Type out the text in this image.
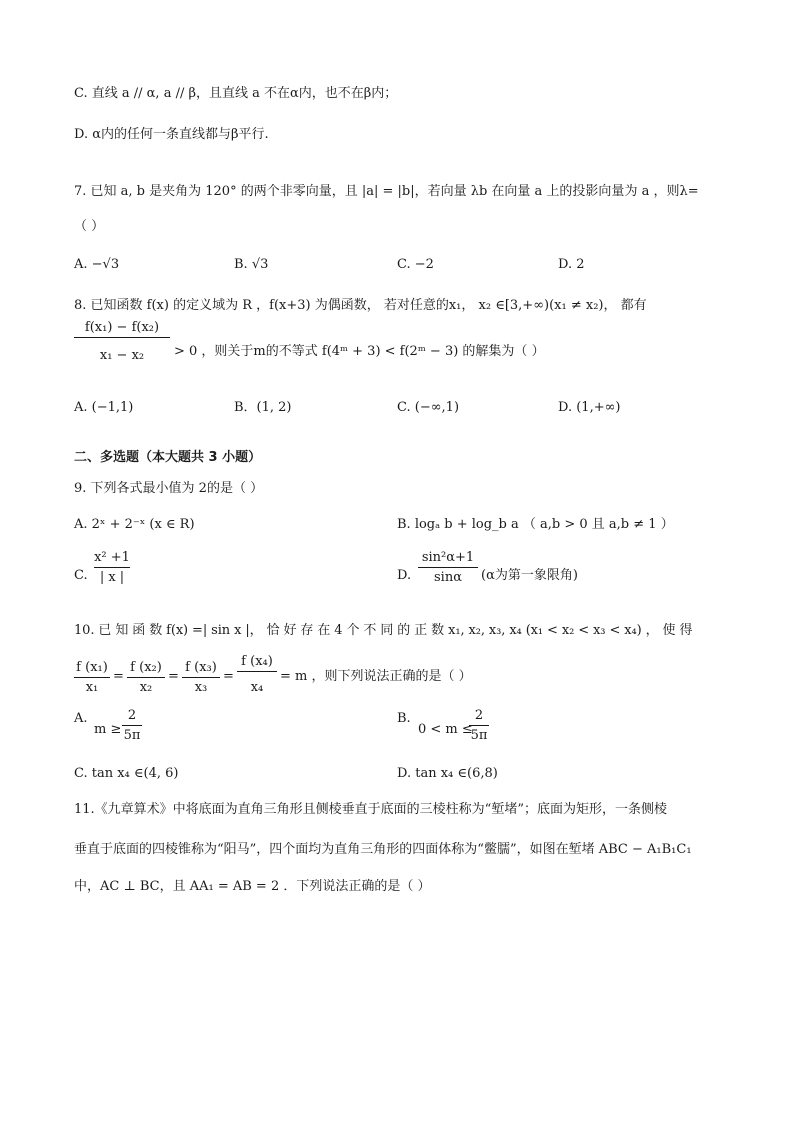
C. 直线 a // α, a // β，且直线 a 不在α内，也不在β内；
D. α内的任何一条直线都与β平行.
7. 已知 a, b 是夹角为 120° 的两个非零向量，且 |a| = |b|，若向量 λb 在向量 a 上的投影向量为 a ，则λ=
（ ）
A. −√3	B. √3	C. −2	D. 2
8. 已知函数 f(x) 的定义域为 R ，f(x+3) 为偶函数， 若对任意的x₁， x₂ ∈[3,+∞)(x₁ ≠ x₂)， 都有
f(x₁) − f(x₂)
x₁ − x₂	> 0 ，则关于m的不等式 f(4ᵐ + 3) < f(2ᵐ − 3) 的解集为（ ）
A. (−1,1)	B．(1, 2)	C. (−∞,1)	D. (1,+∞)
二、多选题（本大题共 3 小题）
9. 下列各式最小值为 2的是（ ）
A. 2ˣ + 2⁻ˣ (x ∈ R)	B. logₐ b + log_b a （ a,b > 0 且 a,b ≠ 1 ）
C.
x² +1
| x |	D.
sin²α+1
sinα	(α为第一象限角)
10. 已 知 函 数 f(x) =| sin x |， 恰 好 存 在 4 个 不 同 的 正 数 x₁, x₂, x₃, x₄ (x₁ < x₂ < x₃ < x₄) ， 使 得
f (x₁)
x₁
=
f (x₂)
x₂
=
f (x₃)
x₃
=
f (x₄)
x₄
= m ，则下列说法正确的是（ ）
A.
m ≥
2
5π
B.
0 < m ≤
2
5π
C. tan x₄ ∈(4, 6)	D. tan x₄ ∈(6,8)
11.《九章算术》中将底面为直角三角形且侧棱垂直于底面的三棱柱称为“堑堵”；底面为矩形，一条侧棱
垂直于底面的四棱锥称为“阳马”，四个面均为直角三角形的四面体称为“鳖臑”，如图在堑堵 ABC − A₁B₁C₁
中，AC ⊥ BC，且 AA₁ = AB = 2 ．下列说法正确的是（ ）
